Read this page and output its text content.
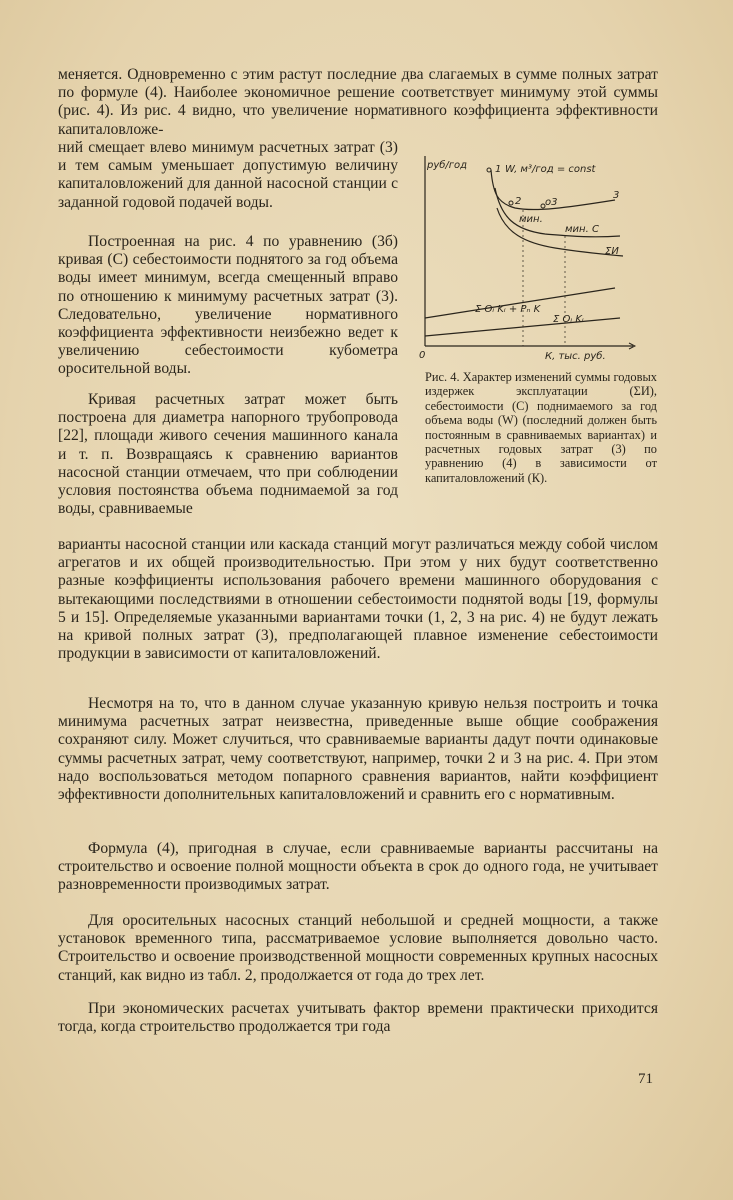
меняется. Одновременно с этим растут последние два слагаемых в сумме полных затрат по формуле (4). Наиболее экономичное решение соответствует минимуму этой суммы (рис. 4). Из рис. 4 видно, что увеличение нормативного коэффициента эффективности капиталовложе-

ний смещает влево минимум расчетных затрат (3) и тем самым уменьшает допустимую величину капиталовложений для данной насосной станции с заданной годовой подачей воды.

Построенная на рис. 4 по уравнению (3б) кривая (С) себестоимости поднятого за год объема воды имеет минимум, всегда смещенный вправо по отношению к минимуму расчетных затрат (3). Следовательно, увеличение нормативного коэффициента эффективности неизбежно ведет к увеличению себестоимости кубометра оросительной воды.

Кривая расчетных затрат может быть построена для диаметра напорного трубопровода [22], площади живого сечения машинного канала и т. п. Возвращаясь к сравнению вариантов насосной станции отмечаем, что при соблюдении условия постоянства объема поднимаемой за год воды, сравниваемые

варианты насосной станции или каскада станций могут различаться между собой числом агрегатов и их общей производительностью. При этом у них будут соответственно разные коэффициенты использования рабочего времени машинного оборудования с вытекающими последствиями в отношении себестоимости поднятой воды [19, формулы 5 и 15]. Определяемые указанными вариантами точки (1, 2, 3 на рис. 4) не будут лежать на кривой полных затрат (3), предполагающей плавное изменение себестоимости продукции в зависимости от капиталовложений.

Несмотря на то, что в данном случае указанную кривую нельзя построить и точка минимума расчетных затрат неизвестна, приведенные выше общие соображения сохраняют силу. Может случиться, что сравниваемые варианты дадут почти одинаковые суммы расчетных затрат, чему соответствуют, например, точки 2 и 3 на рис. 4. При этом надо воспользоваться методом попарного сравнения вариантов, найти коэффициент эффективности дополнительных капиталовложений и сравнить его с нормативным.

Формула (4), пригодная в случае, если сравниваемые варианты рассчитаны на строительство и освоение полной мощности объекта в срок до одного года, не учитывает разновременности производимых затрат.

Для оросительных насосных станций небольшой и средней мощности, а также установок временного типа, рассматриваемое условие выполняется довольно часто. Строительство и освоение производственной мощности современных крупных насосных станций, как видно из табл. 2, продолжается от года до трех лет.

При экономических расчетах учитывать фактор времени практически приходится тогда, когда строительство продолжается три года

руб/год	1 W, м³/год = const
2 o3
3
мин.
мин. С
ΣИ
Σ Oᵢ Kᵢ + Pₙ K
Σ Oᵢ Kᵢ
0	К, тыс. руб.

Рис. 4. Характер изменений суммы годовых издержек эксплуатации (ΣИ), себестоимости (С) поднимаемого за год объема воды (W) (последний должен быть постоянным в сравниваемых вариантах) и расчетных годовых затрат (3) по уравнению (4) в зависимости от капиталовложений (К).

71
